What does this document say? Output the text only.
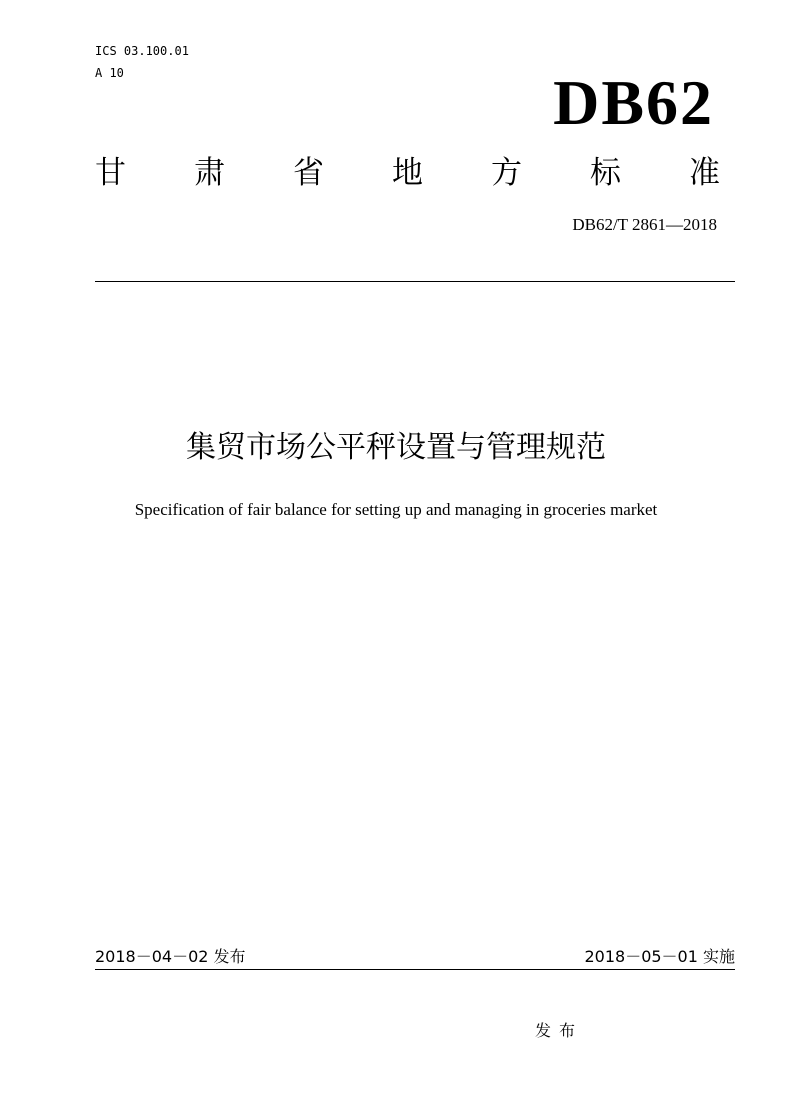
ICS 03.100.01
A 10	DB62
甘 肃 省 地 方 标 准
DB62/T 2861—2018
集贸市场公平秤设置与管理规范
Specification of fair balance for setting up and managing in groceries market
2018－04－02 发布	2018－05－01 实施
发布
